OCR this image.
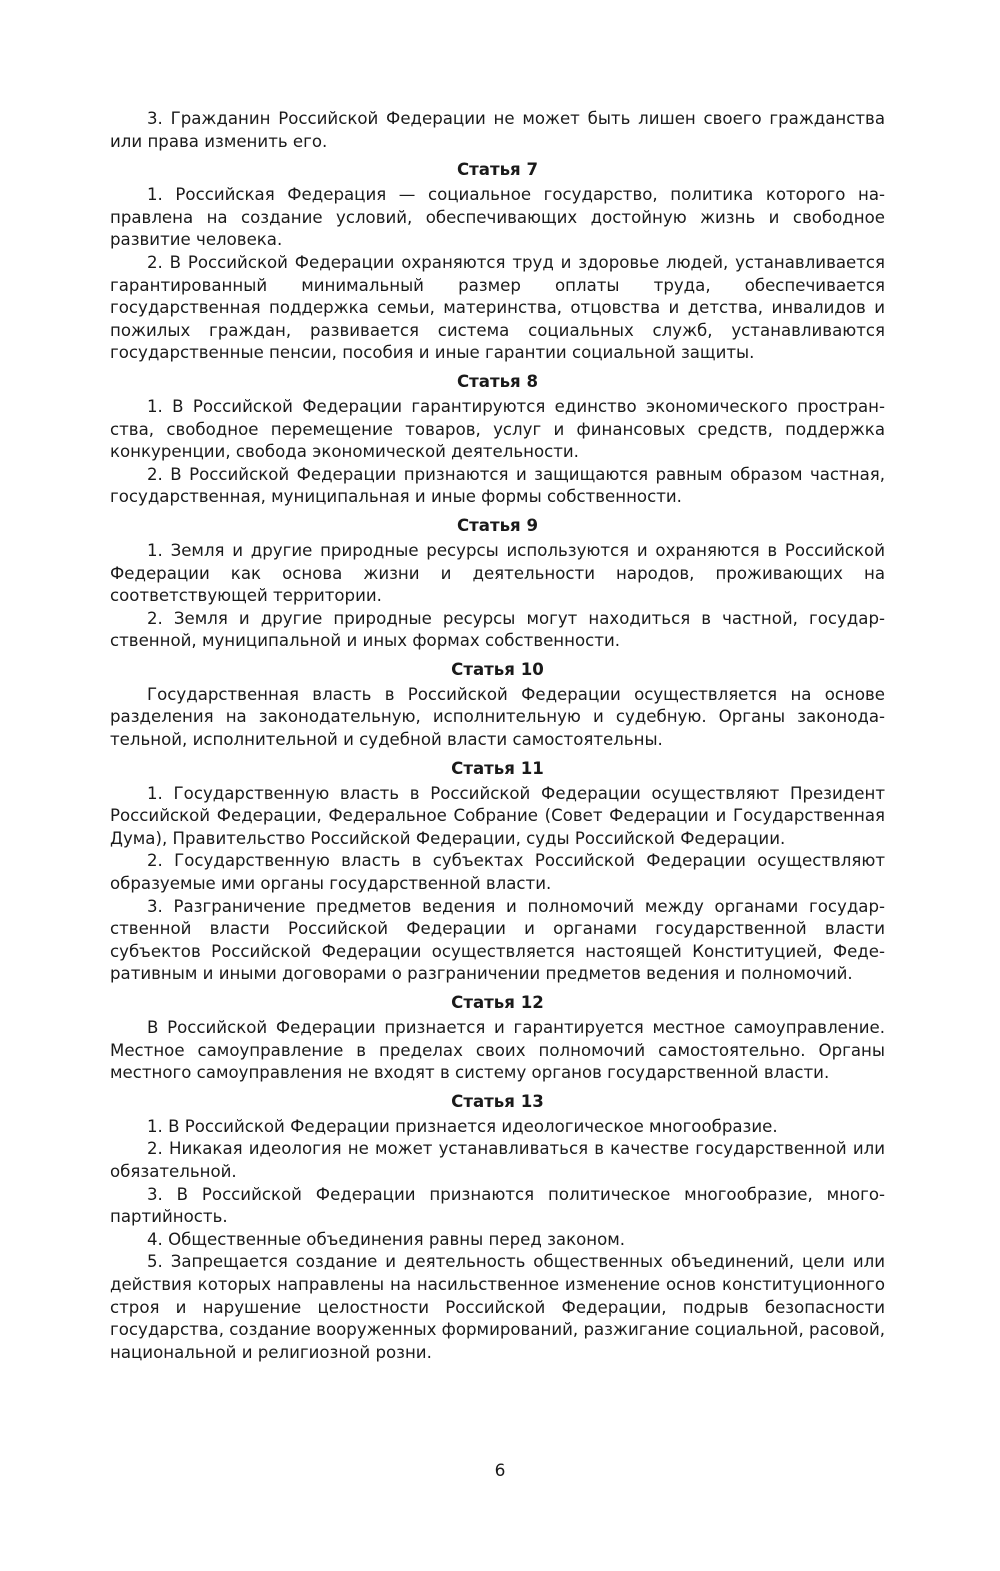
3. Гражданин Российской Федерации не может быть лишен своего гражданства или права изменить его.

Статья 7

1. Российская Федерация — социальное государство, политика которого направлена на создание условий, обеспечивающих достойную жизнь и свободное развитие человека.

2. В Российской Федерации охраняются труд и здоровье людей, устанавливается гарантированный минимальный размер оплаты труда, обеспечивается государственная поддержка семьи, материнства, отцовства и детства, инвалидов и пожилых граждан, развивается система социальных служб, устанавливаются государственные пенсии, пособия и иные гарантии социальной защиты.

Статья 8

1. В Российской Федерации гарантируются единство экономического пространства, свободное перемещение товаров, услуг и финансовых средств, поддержка конкуренции, свобода экономической деятельности.

2. В Российской Федерации признаются и защищаются равным образом частная, государственная, муниципальная и иные формы собственности.

Статья 9

1. Земля и другие природные ресурсы используются и охраняются в Российской Федерации как основа жизни и деятельности народов, проживающих на соответствующей территории.

2. Земля и другие природные ресурсы могут находиться в частной, государственной, муниципальной и иных формах собственности.

Статья 10

Государственная власть в Российской Федерации осуществляется на основе разделения на законодательную, исполнительную и судебную. Органы законодательной, исполнительной и судебной власти самостоятельны.

Статья 11

1. Государственную власть в Российской Федерации осуществляют Президент Российской Федерации, Федеральное Собрание (Совет Федерации и Государственная Дума), Правительство Российской Федерации, суды Российской Федерации.

2. Государственную власть в субъектах Российской Федерации осуществляют образуемые ими органы государственной власти.

3. Разграничение предметов ведения и полномочий между органами государственной власти Российской Федерации и органами государственной власти субъектов Российской Федерации осуществляется настоящей Конституцией, Федеративным и иными договорами о разграничении предметов ведения и полномочий.

Статья 12

В Российской Федерации признается и гарантируется местное самоуправление. Местное самоуправление в пределах своих полномочий самостоятельно. Органы местного самоуправления не входят в систему органов государственной власти.

Статья 13

1. В Российской Федерации признается идеологическое многообразие.

2. Никакая идеология не может устанавливаться в качестве государственной или обязательной.

3. В Российской Федерации признаются политическое многообразие, многопартийность.

4. Общественные объединения равны перед законом.

5. Запрещается создание и деятельность общественных объединений, цели или действия которых направлены на насильственное изменение основ конституционного строя и нарушение целостности Российской Федерации, подрыв безопасности государства, создание вооруженных формирований, разжигание социальной, расовой, национальной и религиозной розни.

6
